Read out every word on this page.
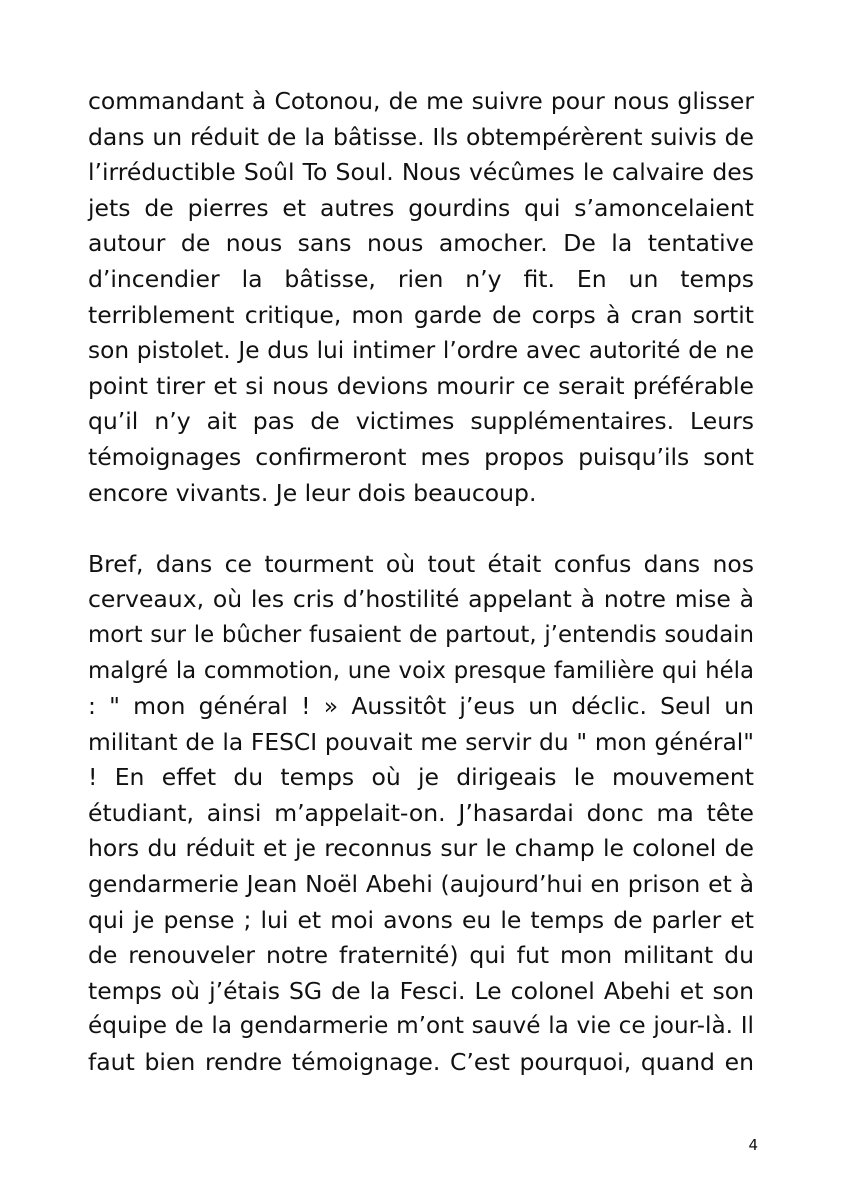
commandant à Cotonou, de me suivre pour nous glisser
dans un réduit de la bâtisse. Ils obtempérèrent suivis de
l’irréductible Soûl To Soul. Nous vécûmes le calvaire des
jets de pierres et autres gourdins qui s’amoncelaient
autour de nous sans nous amocher. De la tentative
d’incendier la bâtisse, rien n’y fit. En un temps
terriblement critique, mon garde de corps à cran sortit
son pistolet. Je dus lui intimer l’ordre avec autorité de ne
point tirer et si nous devions mourir ce serait préférable
qu’il n’y ait pas de victimes supplémentaires. Leurs
témoignages confirmeront mes propos puisqu’ils sont
encore vivants. Je leur dois beaucoup.

Bref, dans ce tourment où tout était confus dans nos
cerveaux, où les cris d’hostilité appelant à notre mise à
mort sur le bûcher fusaient de partout, j’entendis soudain
malgré la commotion, une voix presque familière qui héla
: " mon général ! » Aussitôt j’eus un déclic. Seul un
militant de la FESCI pouvait me servir du " mon général"
! En effet du temps où je dirigeais le mouvement
étudiant, ainsi m’appelait-on. J’hasardai donc ma tête
hors du réduit et je reconnus sur le champ le colonel de
gendarmerie Jean Noël Abehi (aujourd’hui en prison et à
qui je pense ; lui et moi avons eu le temps de parler et
de renouveler notre fraternité) qui fut mon militant du
temps où j’étais SG de la Fesci. Le colonel Abehi et son
équipe de la gendarmerie m’ont sauvé la vie ce jour-là. Il
faut bien rendre témoignage. C’est pourquoi, quand en

4
